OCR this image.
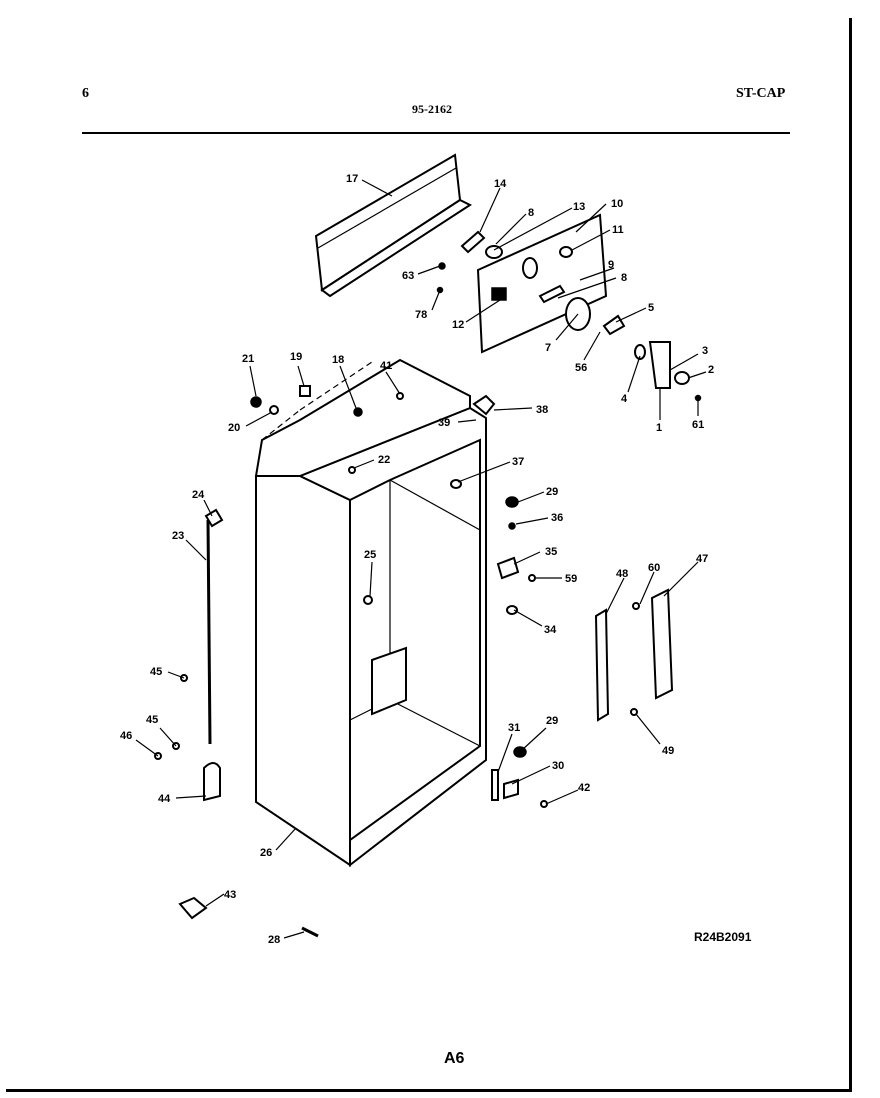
6
95-2162
ST-CAP
17	14
8	13 10
11
9
8
63
78
12
7
5
56
3
2
4
1	61
21	19	18	41
38
39
20
22	37
29
36
35
59
34
24
23
25
48 60
47
45
45
46
49
31
29
30
42
44
26
43
28	R24B2091
A6
